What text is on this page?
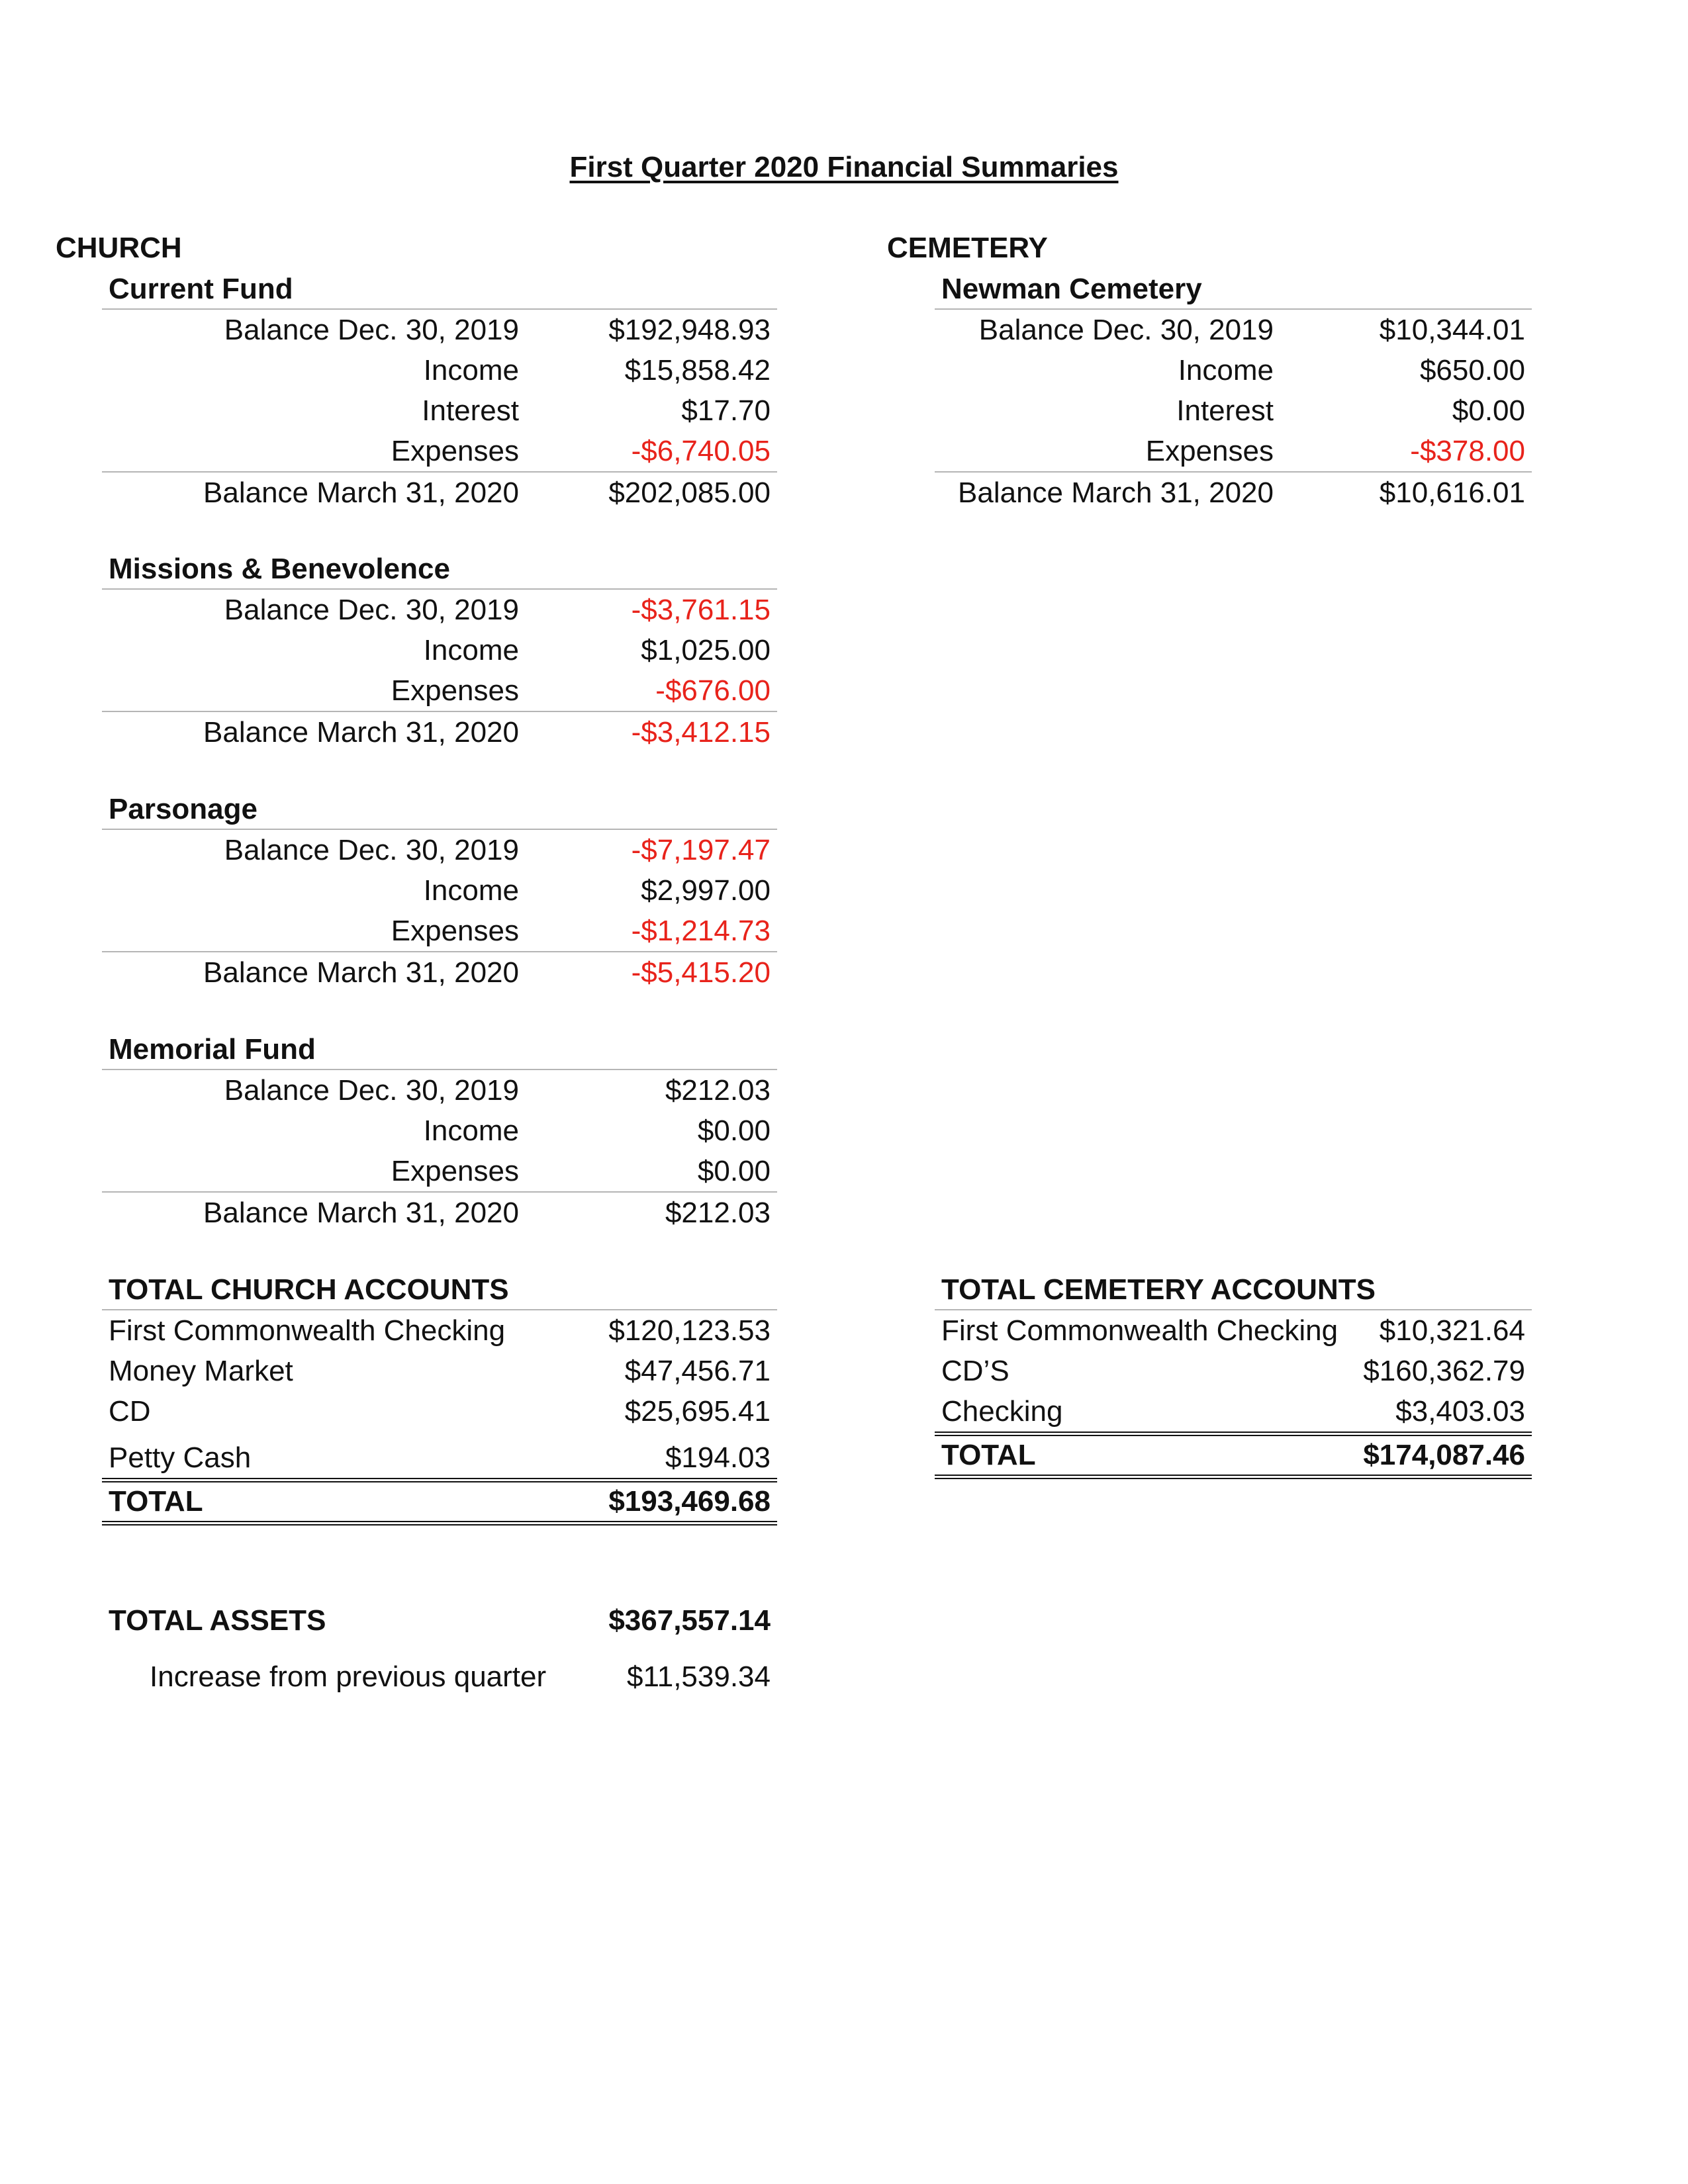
First Quarter 2020 Financial Summaries
CHURCH
Current Fund
Balance Dec. 30, 2019	$192,948.93
Income	$15,858.42
Interest	$17.70
Expenses	-$6,740.05
Balance March 31, 2020	$202,085.00
Missions & Benevolence
Balance Dec. 30, 2019	-$3,761.15
Income	$1,025.00
Expenses	-$676.00
Balance March 31, 2020	-$3,412.15
Parsonage
Balance Dec. 30, 2019	-$7,197.47
Income	$2,997.00
Expenses	-$1,214.73
Balance March 31, 2020	-$5,415.20
Memorial Fund
Balance Dec. 30, 2019	$212.03
Income	$0.00
Expenses	$0.00
Balance March 31, 2020	$212.03
TOTAL CHURCH ACCOUNTS
First Commonwealth Checking	$120,123.53
Money Market	$47,456.71
CD	$25,695.41
Petty Cash	$194.03
TOTAL	$193,469.68
TOTAL ASSETS	$367,557.14
Increase from previous quarter	$11,539.34
CEMETERY
Newman Cemetery
Balance Dec. 30, 2019	$10,344.01
Income	$650.00
Interest	$0.00
Expenses	-$378.00
Balance March 31, 2020	$10,616.01
TOTAL CEMETERY ACCOUNTS
First Commonwealth Checking $10,321.64
CD’S	$160,362.79
Checking	$3,403.03
TOTAL	$174,087.46
